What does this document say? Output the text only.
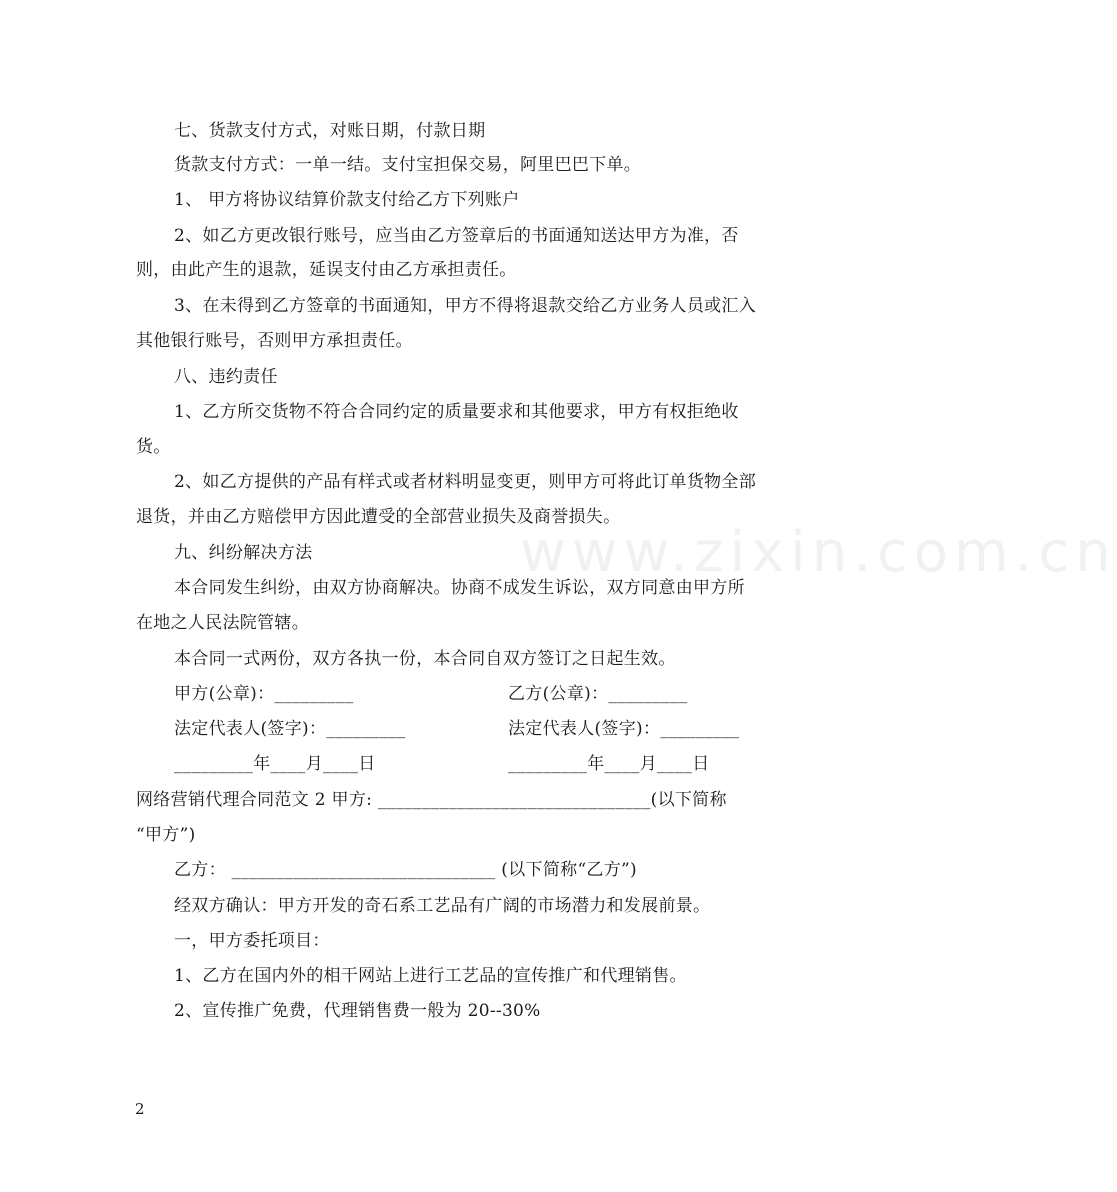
www.zixin.com.cn
七、货款支付方式，对账日期，付款日期
货款支付方式：一单一结。支付宝担保交易，阿里巴巴下单。
1、 甲方将协议结算价款支付给乙方下列账户
2、如乙方更改银行账号，应当由乙方签章后的书面通知送达甲方为准，否
则，由此产生的退款，延误支付由乙方承担责任。
3、在未得到乙方签章的书面通知，甲方不得将退款交给乙方业务人员或汇入
其他银行账号，否则甲方承担责任。
八、违约责任
1、乙方所交货物不符合合同约定的质量要求和其他要求，甲方有权拒绝收
货。
2、如乙方提供的产品有样式或者材料明显变更，则甲方可将此订单货物全部
退货，并由乙方赔偿甲方因此遭受的全部营业损失及商誉损失。
九、纠纷解决方法
本合同发生纠纷，由双方协商解决。协商不成发生诉讼，双方同意由甲方所
在地之人民法院管辖。
本合同一式两份，双方各执一份，本合同自双方签订之日起生效。
甲方(公章)：_________	乙方(公章)：_________
法定代表人(签字)：_________	法定代表人(签字)：_________
_________年____月____日	_________年____月____日
网络营销代理合同范文 2 甲方: _______________________________(以下简称
“甲方”)
乙方： ______________________________ (以下简称“乙方”)
经双方确认：甲方开发的奇石系工艺品有广阔的市场潜力和发展前景。
一，甲方委托项目：
1、乙方在国内外的相干网站上进行工艺品的宣传推广和代理销售。
2、宣传推广免费，代理销售费一般为 20--30%
2
